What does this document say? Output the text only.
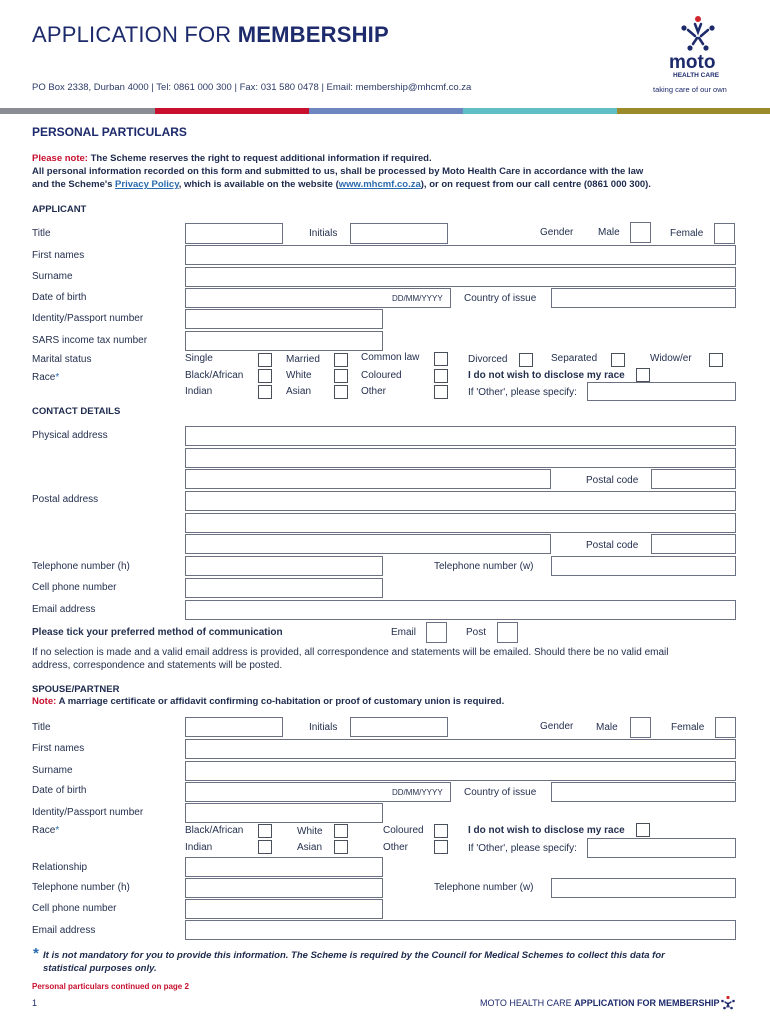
APPLICATION FOR MEMBERSHIP
PO Box 2338, Durban 4000 | Tel: 0861 000 300 | Fax: 031 580 0478 | Email: membership@mhcmf.co.za
moto
HEALTH CARE
taking care of our own
PERSONAL PARTICULARS
Please note: The Scheme reserves the right to request additional information if required.
All personal information recorded on this form and submitted to us, shall be processed by Moto Health Care in accordance with the law
and the Scheme's Privacy Policy, which is available on the website (www.mhcmf.co.za), or on request from our call centre (0861 000 300).
APPLICANT
Title	Initials	Gender Male	Female
First names
Surname
Date of birth	DD/MM/YYYY Country of issue
Identity/Passport number
SARS income tax number
Marital status	Single	Married	Common law	Divorced	Separated	Widow/er
Race*	Black/African	White	Coloured	I do not wish to disclose my race
Indian	Asian	Other	If 'Other', please specify:
CONTACT DETAILS
Physical address
Postal code
Postal address
Postal code
Telephone number (h)	Telephone number (w)
Cell phone number
Email address
Please tick your preferred method of communication	Email	Post
If no selection is made and a valid email address is provided, all correspondence and statements will be emailed. Should there be no valid email
address, correspondence and statements will be posted.
SPOUSE/PARTNER
Note: A marriage certificate or affidavit confirming co-habitation or proof of customary union is required.
Title	Initials	Gender Male	Female
First names
Surname
Date of birth	DD/MM/YYYY Country of issue
Identity/Passport number
Race*	Black/African	White	Coloured	I do not wish to disclose my race
Indian	Asian	Other	If 'Other', please specify:
Relationship
Telephone number (h)	Telephone number (w)
Cell phone number
Email address
* It is not mandatory for you to provide this information. The Scheme is required by the Council for Medical Schemes to collect this data for
statistical purposes only.
Personal particulars continued on page 2
1	MOTO HEALTH CARE APPLICATION FOR MEMBERSHIP
